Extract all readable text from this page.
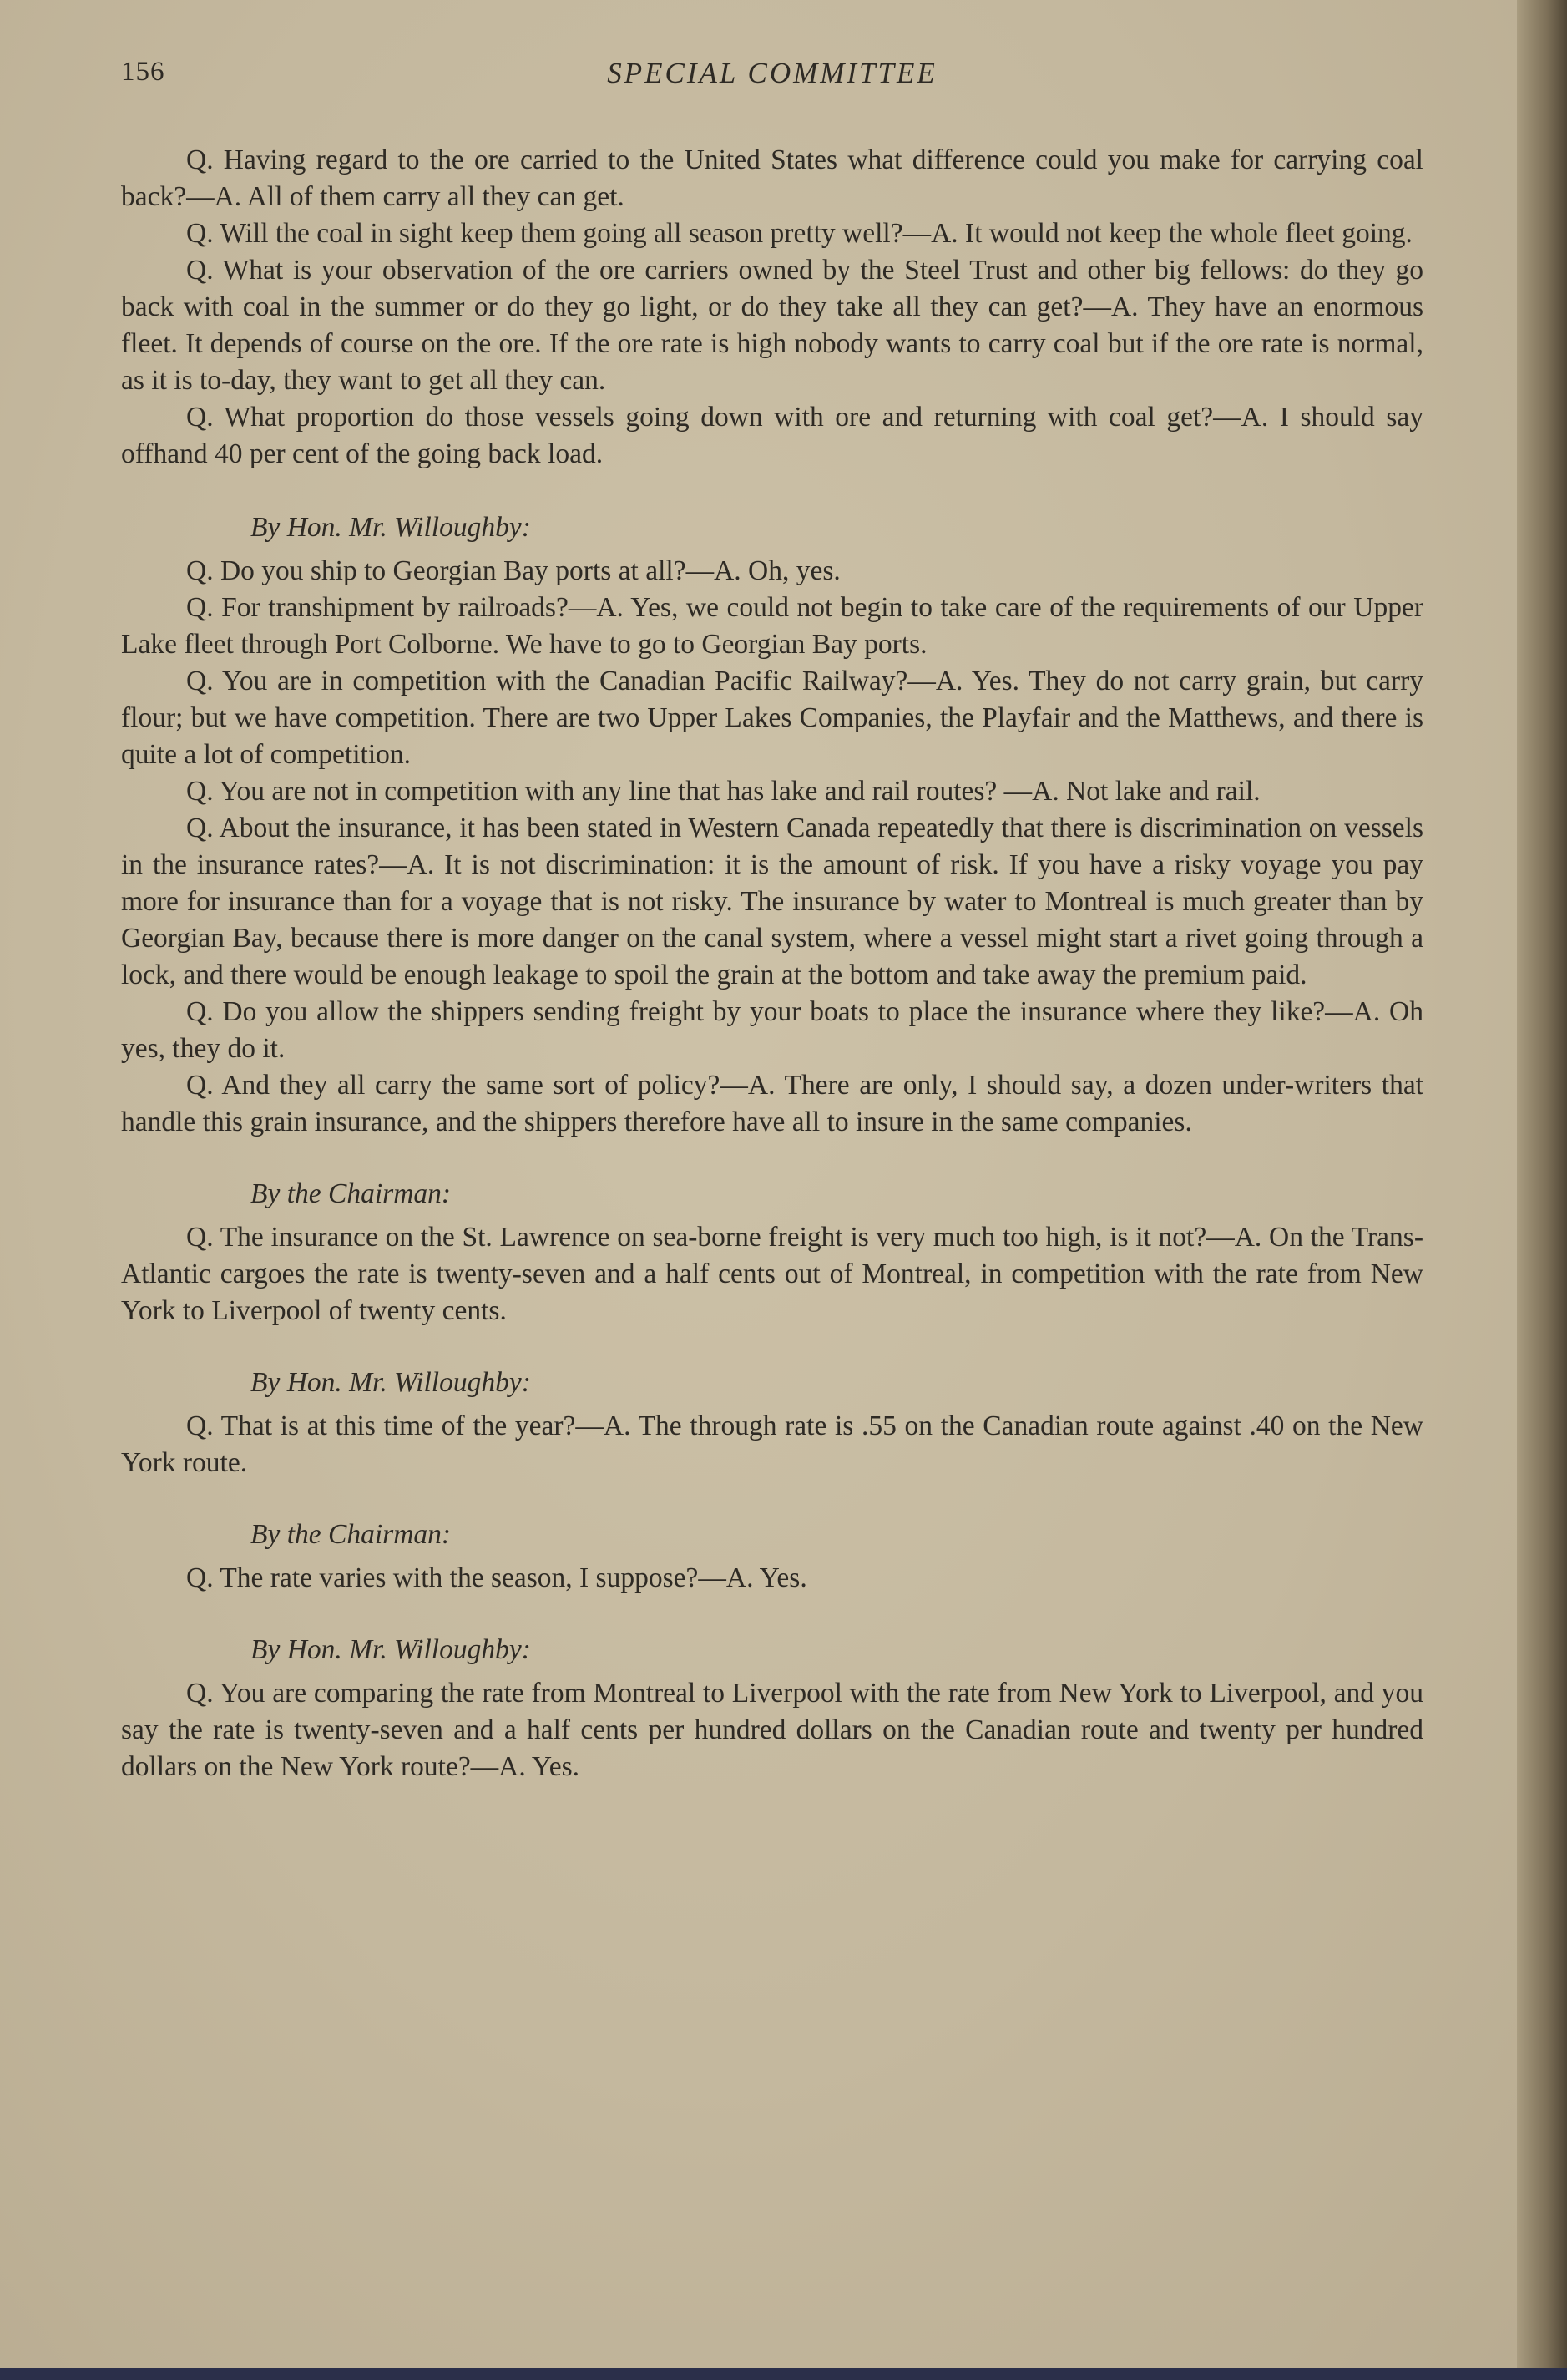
156	SPECIAL COMMITTEE

Q. Having regard to the ore carried to the United States what difference could you make for carrying coal back?—A. All of them carry all they can get.

Q. Will the coal in sight keep them going all season pretty well?—A. It would not keep the whole fleet going.

Q. What is your observation of the ore carriers owned by the Steel Trust and other big fellows: do they go back with coal in the summer or do they go light, or do they take all they can get?—A. They have an enormous fleet. It depends of course on the ore. If the ore rate is high nobody wants to carry coal but if the ore rate is normal, as it is to-day, they want to get all they can.

Q. What proportion do those vessels going down with ore and returning with coal get?—A. I should say offhand 40 per cent of the going back load.

By Hon. Mr. Willoughby:

Q. Do you ship to Georgian Bay ports at all?—A. Oh, yes.

Q. For transhipment by railroads?—A. Yes, we could not begin to take care of the requirements of our Upper Lake fleet through Port Colborne. We have to go to Georgian Bay ports.

Q. You are in competition with the Canadian Pacific Railway?—A. Yes. They do not carry grain, but carry flour; but we have competition. There are two Upper Lakes Companies, the Playfair and the Matthews, and there is quite a lot of competition.

Q. You are not in competition with any line that has lake and rail routes? —A. Not lake and rail.

Q. About the insurance, it has been stated in Western Canada repeatedly that there is discrimination on vessels in the insurance rates?—A. It is not discrimination: it is the amount of risk. If you have a risky voyage you pay more for insurance than for a voyage that is not risky. The insurance by water to Montreal is much greater than by Georgian Bay, because there is more danger on the canal system, where a vessel might start a rivet going through a lock, and there would be enough leakage to spoil the grain at the bottom and take away the premium paid.

Q. Do you allow the shippers sending freight by your boats to place the insurance where they like?—A. Oh yes, they do it.

Q. And they all carry the same sort of policy?—A. There are only, I should say, a dozen under-writers that handle this grain insurance, and the shippers therefore have all to insure in the same companies.

By the Chairman:

Q. The insurance on the St. Lawrence on sea-borne freight is very much too high, is it not?—A. On the Trans-Atlantic cargoes the rate is twenty-seven and a half cents out of Montreal, in competition with the rate from New York to Liverpool of twenty cents.

By Hon. Mr. Willoughby:

Q. That is at this time of the year?—A. The through rate is .55 on the Canadian route against .40 on the New York route.

By the Chairman:

Q. The rate varies with the season, I suppose?—A. Yes.

By Hon. Mr. Willoughby:

Q. You are comparing the rate from Montreal to Liverpool with the rate from New York to Liverpool, and you say the rate is twenty-seven and a half cents per hundred dollars on the Canadian route and twenty per hundred dollars on the New York route?—A. Yes.
